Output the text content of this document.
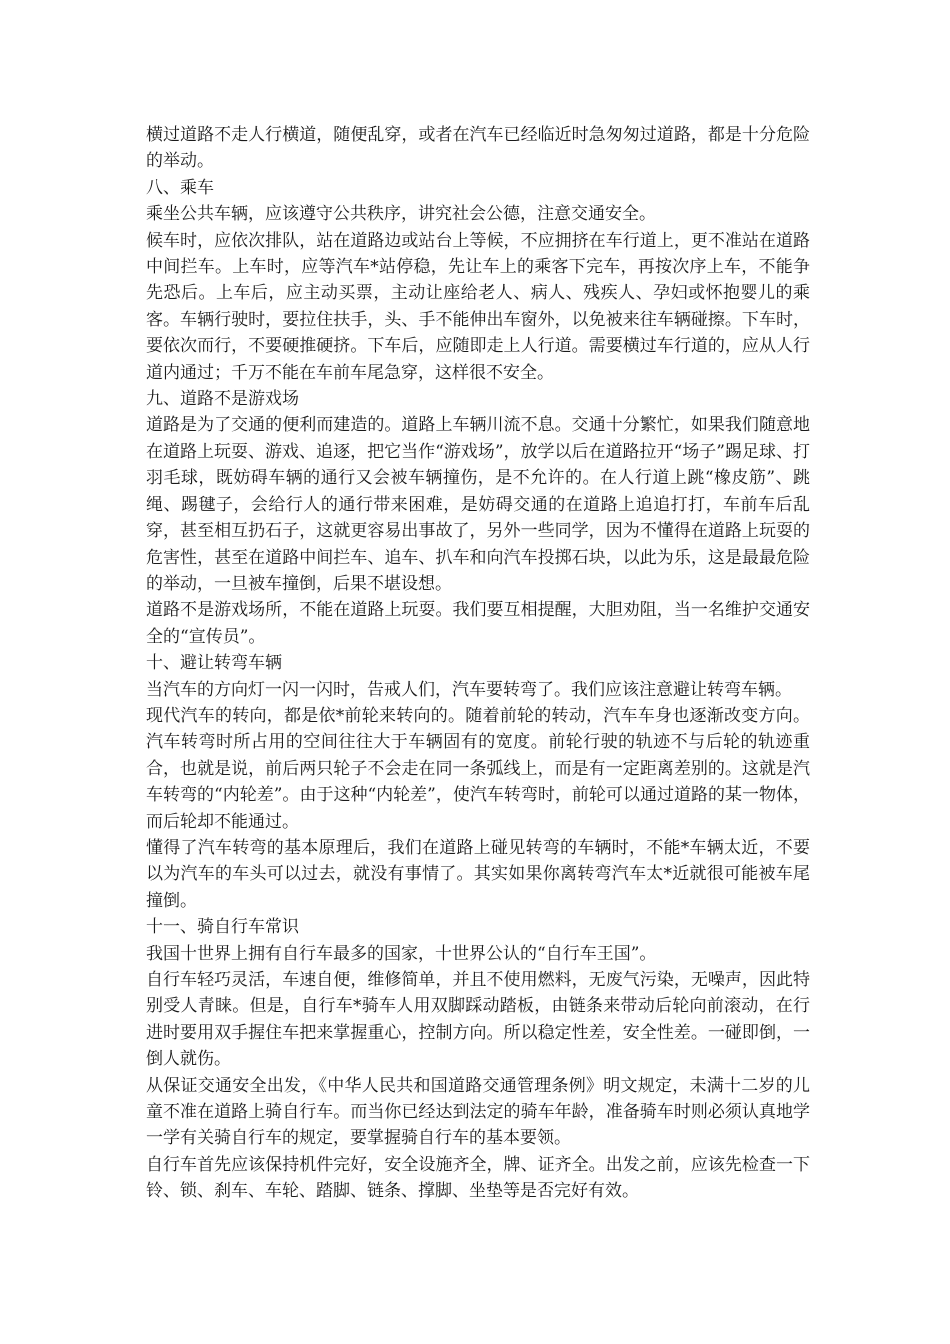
横过道路不走人行横道，随便乱穿，或者在汽车已经临近时急匆匆过道路，都是十分危险的举动。

八、乘车

乘坐公共车辆，应该遵守公共秩序，讲究社会公德，注意交通安全。

候车时，应依次排队，站在道路边或站台上等候，不应拥挤在车行道上，更不准站在道路中间拦车。上车时，应等汽车*站停稳，先让车上的乘客下完车，再按次序上车，不能争先恐后。上车后，应主动买票，主动让座给老人、病人、残疾人、孕妇或怀抱婴儿的乘客。车辆行驶时，要拉住扶手，头、手不能伸出车窗外，以免被来往车辆碰擦。下车时，要依次而行，不要硬推硬挤。下车后，应随即走上人行道。需要横过车行道的，应从人行道内通过；千万不能在车前车尾急穿，这样很不安全。

九、道路不是游戏场

道路是为了交通的便利而建造的。道路上车辆川流不息。交通十分繁忙，如果我们随意地在道路上玩耍、游戏、追逐，把它当作“游戏场”，放学以后在道路拉开“场子”踢足球、打羽毛球，既妨碍车辆的通行又会被车辆撞伤，是不允许的。在人行道上跳“橡皮筋”、跳绳、踢毽子，会给行人的通行带来困难，是妨碍交通的在道路上追追打打，车前车后乱穿，甚至相互扔石子，这就更容易出事故了，另外一些同学，因为不懂得在道路上玩耍的危害性，甚至在道路中间拦车、追车、扒车和向汽车投掷石块，以此为乐，这是最最危险的举动，一旦被车撞倒，后果不堪设想。

道路不是游戏场所，不能在道路上玩耍。我们要互相提醒，大胆劝阻，当一名维护交通安全的“宣传员”。

十、避让转弯车辆

当汽车的方向灯一闪一闪时，告戒人们，汽车要转弯了。我们应该注意避让转弯车辆。

现代汽车的转向，都是依*前轮来转向的。随着前轮的转动，汽车车身也逐渐改变方向。汽车转弯时所占用的空间往往大于车辆固有的宽度。前轮行驶的轨迹不与后轮的轨迹重合，也就是说，前后两只轮子不会走在同一条弧线上，而是有一定距离差别的。这就是汽车转弯的“内轮差”。由于这种“内轮差”，使汽车转弯时，前轮可以通过道路的某一物体，而后轮却不能通过。

懂得了汽车转弯的基本原理后，我们在道路上碰见转弯的车辆时，不能*车辆太近，不要以为汽车的车头可以过去，就没有事情了。其实如果你离转弯汽车太*近就很可能被车尾撞倒。

十一、骑自行车常识

我国十世界上拥有自行车最多的国家，十世界公认的“自行车王国”。

自行车轻巧灵活，车速自便，维修简单，并且不使用燃料，无废气污染，无噪声，因此特别受人青睐。但是，自行车*骑车人用双脚踩动踏板，由链条来带动后轮向前滚动，在行进时要用双手握住车把来掌握重心，控制方向。所以稳定性差，安全性差。一碰即倒，一倒人就伤。

从保证交通安全出发，《中华人民共和国道路交通管理条例》明文规定，未满十二岁的儿童不准在道路上骑自行车。而当你已经达到法定的骑车年龄，准备骑车时则必须认真地学一学有关骑自行车的规定，要掌握骑自行车的基本要领。

自行车首先应该保持机件完好，安全设施齐全，牌、证齐全。出发之前，应该先检查一下铃、锁、刹车、车轮、踏脚、链条、撑脚、坐垫等是否完好有效。
